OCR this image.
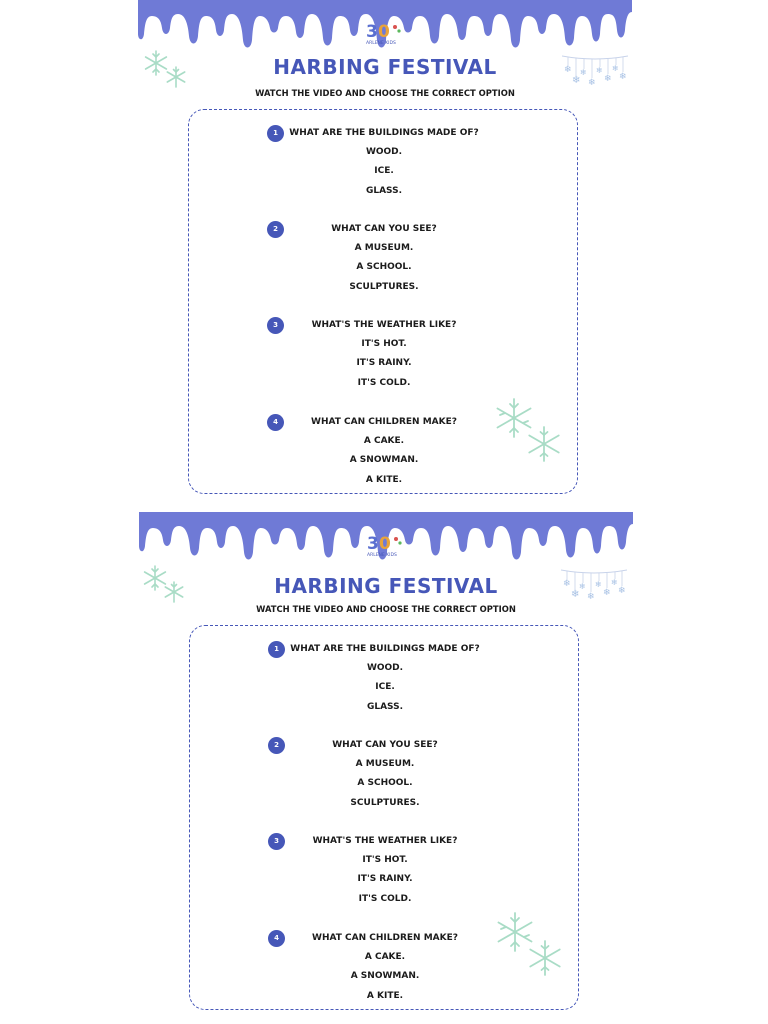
3 0
ARLENE KIDS
❄
❄
❄
❄
❄
❄
❄
❄
HARBING FESTIVAL

WATCH THE VIDEO AND CHOOSE THE CORRECT OPTION

1	WHAT ARE THE BUILDINGS MADE OF?

WOOD.
ICE.
GLASS.
2	WHAT CAN YOU SEE?

A MUSEUM.
A SCHOOL.
SCULPTURES.
3	WHAT'S THE WEATHER LIKE?

IT'S HOT.
IT'S RAINY.
IT'S COLD.
4	WHAT CAN CHILDREN MAKE?

A CAKE.
A SNOWMAN.
A KITE.
3 0
ARLENE KIDS
❄
❄
❄
❄
❄
❄
❄
❄
HARBING FESTIVAL

WATCH THE VIDEO AND CHOOSE THE CORRECT OPTION

1	WHAT ARE THE BUILDINGS MADE OF?

WOOD.
ICE.
GLASS.
2	WHAT CAN YOU SEE?

A MUSEUM.
A SCHOOL.
SCULPTURES.
3	WHAT'S THE WEATHER LIKE?

IT'S HOT.
IT'S RAINY.
IT'S COLD.
4	WHAT CAN CHILDREN MAKE?

A CAKE.
A SNOWMAN.
A KITE.
